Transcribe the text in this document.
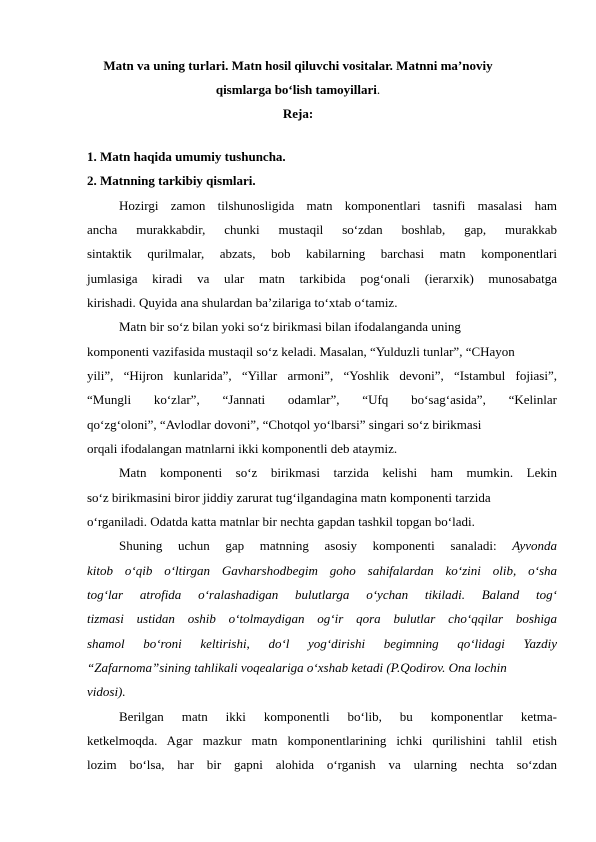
Matn va uning turlari. Matn hosil qiluvchi vositalar. Matnni ma’noviy
qismlarga bo‘lish tamoyillari.
Reja:
1. Matn haqida umumiy tushuncha.
2. Matnning tarkibiy qismlari.
Hozirgi zamon tilshunosligida matn komponentlari tasnifi masalasi ham
ancha murakkabdir, chunki mustaqil so‘zdan boshlab, gap, murakkab
sintaktik qurilmalar, abzats, bob kabilarning barchasi matn komponentlari
jumlasiga kiradi va ular matn tarkibida pog‘onali (ierarxik) munosabatga
kirishadi. Quyida ana shulardan ba’zilariga to‘xtab o‘tamiz.
Matn bir so‘z bilan yoki so‘z birikmasi bilan ifodalanganda uning
komponenti vazifasida mustaqil so‘z keladi. Masalan, “Yulduzli tunlar”, “CHayon
yili”, “Hijron kunlarida”, “Yillar armoni”, “Yoshlik devoni”, “Istambul fojiasi”,
“Mungli ko‘zlar”, “Jannati odamlar”, “Ufq bo‘sag‘asida”, “Kelinlar
qo‘zg‘oloni”, “Avlodlar dovoni”, “Chotqol yo‘lbarsi” singari so‘z birikmasi
orqali ifodalangan matnlarni ikki komponentli deb ataymiz.
Matn komponenti so‘z birikmasi tarzida kelishi ham mumkin. Lekin
so‘z birikmasini biror jiddiy zarurat tug‘ilgandagina matn komponenti tarzida
o‘rganiladi. Odatda katta matnlar bir nechta gapdan tashkil topgan bo‘ladi.
Shuning uchun gap matnning asosiy komponenti sanaladi: Ayvonda
kitob o‘qib o‘ltirgan Gavharshodbegim goho sahifalardan ko‘zini olib, o‘sha
tog‘lar atrofida o‘ralashadigan bulutlarga o‘ychan tikiladi. Baland tog‘
tizmasi ustidan oshib o‘tolmaydigan og‘ir qora bulutlar cho‘qqilar boshiga
shamol bo‘roni keltirishi, do‘l yog‘dirishi begimning qo‘lidagi Yazdiy
“Zafarnoma”sining tahlikali voqealariga o‘xshab ketadi (P.Qodirov. Ona lochin
vidosi).
Berilgan matn ikki komponentli bo‘lib, bu komponentlar ketma-
ketkelmoqda. Agar mazkur matn komponentlarining ichki qurilishini tahlil etish
lozim bo‘lsa, har bir gapni alohida o‘rganish va ularning nechta so‘zdan
